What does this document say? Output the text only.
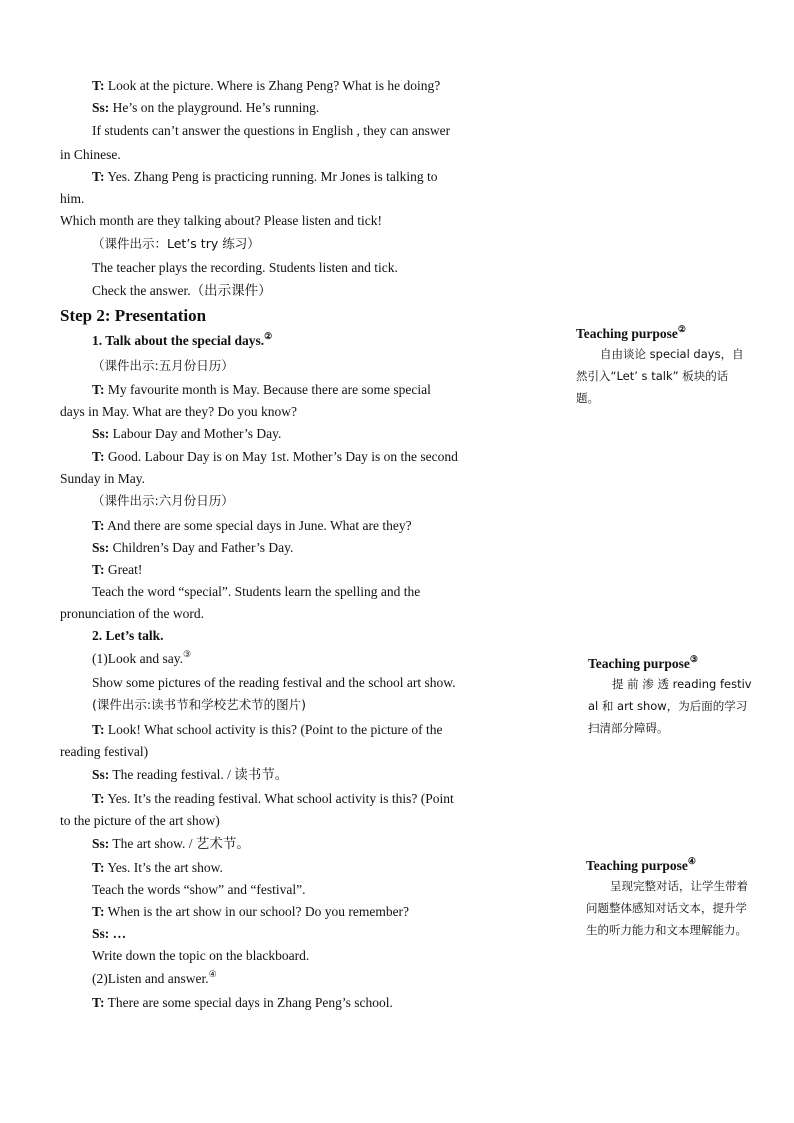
T: Look at the picture. Where is Zhang Peng? What is he doing?
Ss: He’s on the playground. He’s running.
If students can’t answer the questions in English , they can answer
in Chinese.
T: Yes. Zhang Peng is practicing running. Mr Jones is talking to
him.
Which month are they talking about? Please listen and tick!
（课件出示：Let’s try 练习）
The teacher plays the recording. Students listen and tick.
Check the answer.（出示课件）
Step 2: Presentation
1. Talk about the special days.②
（课件出示:五月份日历）
T: My favourite month is May. Because there are some special
days in May. What are they? Do you know?
Ss: Labour Day and Mother’s Day.
T: Good. Labour Day is on May 1st. Mother’s Day is on the second
Sunday in May.
（课件出示:六月份日历）
T: And there are some special days in June. What are they?
Ss: Children’s Day and Father’s Day.
T: Great!
Teach the word “special”. Students learn the spelling and the
pronunciation of the word.
2. Let’s talk.
(1)Look and say.③
Show some pictures of the reading festival and the school art show.
(课件出示:读书节和学校艺术节的图片)
T: Look! What school activity is this? (Point to the picture of the
reading festival)
Ss: The reading festival. / 读书节。
T: Yes. It’s the reading festival. What school activity is this? (Point
to the picture of the art show)
Ss: The art show. / 艺术节。
T: Yes. It’s the art show.
Teach the words “show” and “festival”.
T: When is the art show in our school? Do you remember?
Ss: …
Write down the topic on the blackboard.
(2)Listen and answer.④
T: There are some special days in Zhang Peng’s school.
Teaching purpose②
自由谈论 special days，自然引入“Let’ s talk” 板块的话题。
Teaching purpose③
提 前 渗 透 reading festival 和 art show，为后面的学习扫清部分障碍。
Teaching purpose④
呈现完整对话，让学生带着问题整体感知对话文本，提升学生的听力能力和文本理解能力。
